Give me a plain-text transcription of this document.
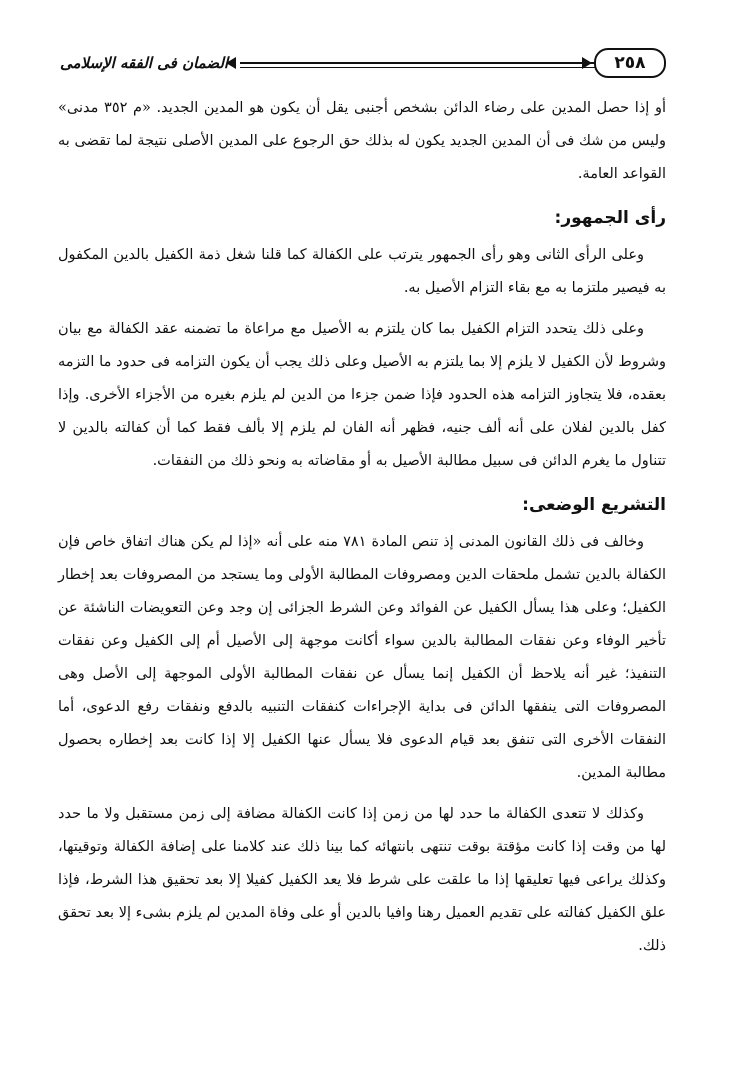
الضمان فى الفقه الإسلامى	٢٥٨

أو إذا حصل المدين على رضاء الدائن بشخص أجنبى يقل أن يكون هو المدين الجديد. «م ٣٥٢ مدنى» وليس من شك فى أن المدين الجديد يكون له بذلك حق الرجوع على المدين الأصلى نتيجة لما تقضى به القواعد العامة.

رأى الجمهور:

وعلى الرأى الثانى وهو رأى الجمهور يترتب على الكفالة كما قلنا شغل ذمة الكفيل بالدين المكفول به فيصير ملتزما به مع بقاء التزام الأصيل به.

وعلى ذلك يتحدد التزام الكفيل بما كان يلتزم به الأصيل مع مراعاة ما تضمنه عقد الكفالة مع بيان وشروط لأن الكفيل لا يلزم إلا بما يلتزم به الأصيل وعلى ذلك يجب أن يكون التزامه فى حدود ما التزمه بعقده، فلا يتجاوز التزامه هذه الحدود فإذا ضمن جزءا من الدين لم يلزم بغيره من الأجزاء الأخرى. وإذا كفل بالدين لفلان على أنه ألف جنيه، فظهر أنه الفان لم يلزم إلا بألف فقط كما أن كفالته بالدين لا تتناول ما يغرم الدائن فى سبيل مطالبة الأصيل به أو مقاضاته به ونحو ذلك من النفقات.

التشريع الوضعى:

وخالف فى ذلك القانون المدنى إذ تنص المادة ٧٨١ منه على أنه «إذا لم يكن هناك اتفاق خاص فإن الكفالة بالدين تشمل ملحقات الدين ومصروفات المطالبة الأولى وما يستجد من المصروفات بعد إخطار الكفيل؛ وعلى هذا يسأل الكفيل عن الفوائد وعن الشرط الجزائى إن وجد وعن التعويضات الناشئة عن تأخير الوفاء وعن نفقات المطالبة بالدين سواء أكانت موجهة إلى الأصيل أم إلى الكفيل وعن نفقات التنفيذ؛ غير أنه يلاحظ أن الكفيل إنما يسأل عن نفقات المطالبة الأولى الموجهة إلى الأصل وهى المصروفات التى ينفقها الدائن فى بداية الإجراءات كنفقات التنبيه بالدفع ونفقات رفع الدعوى، أما النفقات الأخرى التى تنفق بعد قيام الدعوى فلا يسأل عنها الكفيل إلا إذا كانت بعد إخطاره بحصول مطالبة المدين.

وكذلك لا تتعدى الكفالة ما حدد لها من زمن إذا كانت الكفالة مضافة إلى زمن مستقبل ولا ما حدد لها من وقت إذا كانت مؤقتة بوقت تنتهى بانتهائه كما بينا ذلك عند كلامنا على إضافة الكفالة وتوقيتها، وكذلك يراعى فيها تعليقها إذا ما علقت على شرط فلا يعد الكفيل كفيلا إلا بعد تحقيق هذا الشرط، فإذا علق الكفيل كفالته على تقديم العميل رهنا وافيا بالدين أو على وفاة المدين لم يلزم بشىء إلا بعد تحقق ذلك.
